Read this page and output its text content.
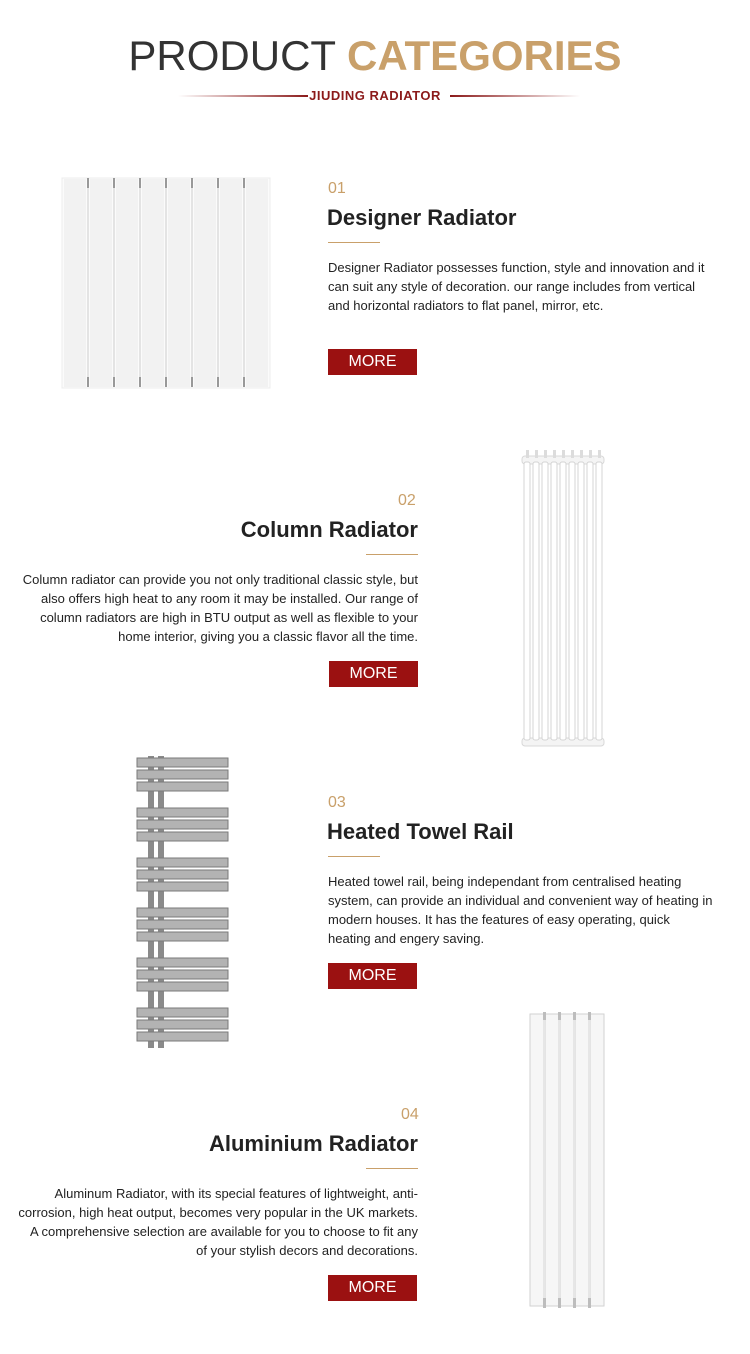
PRODUCT CATEGORIES
JIUDING RADIATOR
01
Designer Radiator
Designer Radiator possesses function, style and innovation and it can suit any style of decoration. our range includes from vertical and horizontal radiators to flat panel, mirror, etc.
MORE
02
Column Radiator
Column radiator can provide you not only traditional classic style, but also offers high heat to any room it may be installed. Our range of column radiators are high in BTU output as well as flexible to your home interior, giving you a classic flavor all the time.
MORE
03
Heated Towel Rail
Heated towel rail, being independant from centralised heating system, can provide an individual and convenient way of heating in modern houses. It has the features of easy operating, quick heating and engery saving.
MORE
04
Aluminium Radiator
Aluminum Radiator, with its special features of lightweight, anti-corrosion, high heat output, becomes very popular in the UK markets. A comprehensive selection are available for you to choose to fit any of your stylish decors and decorations.
MORE
